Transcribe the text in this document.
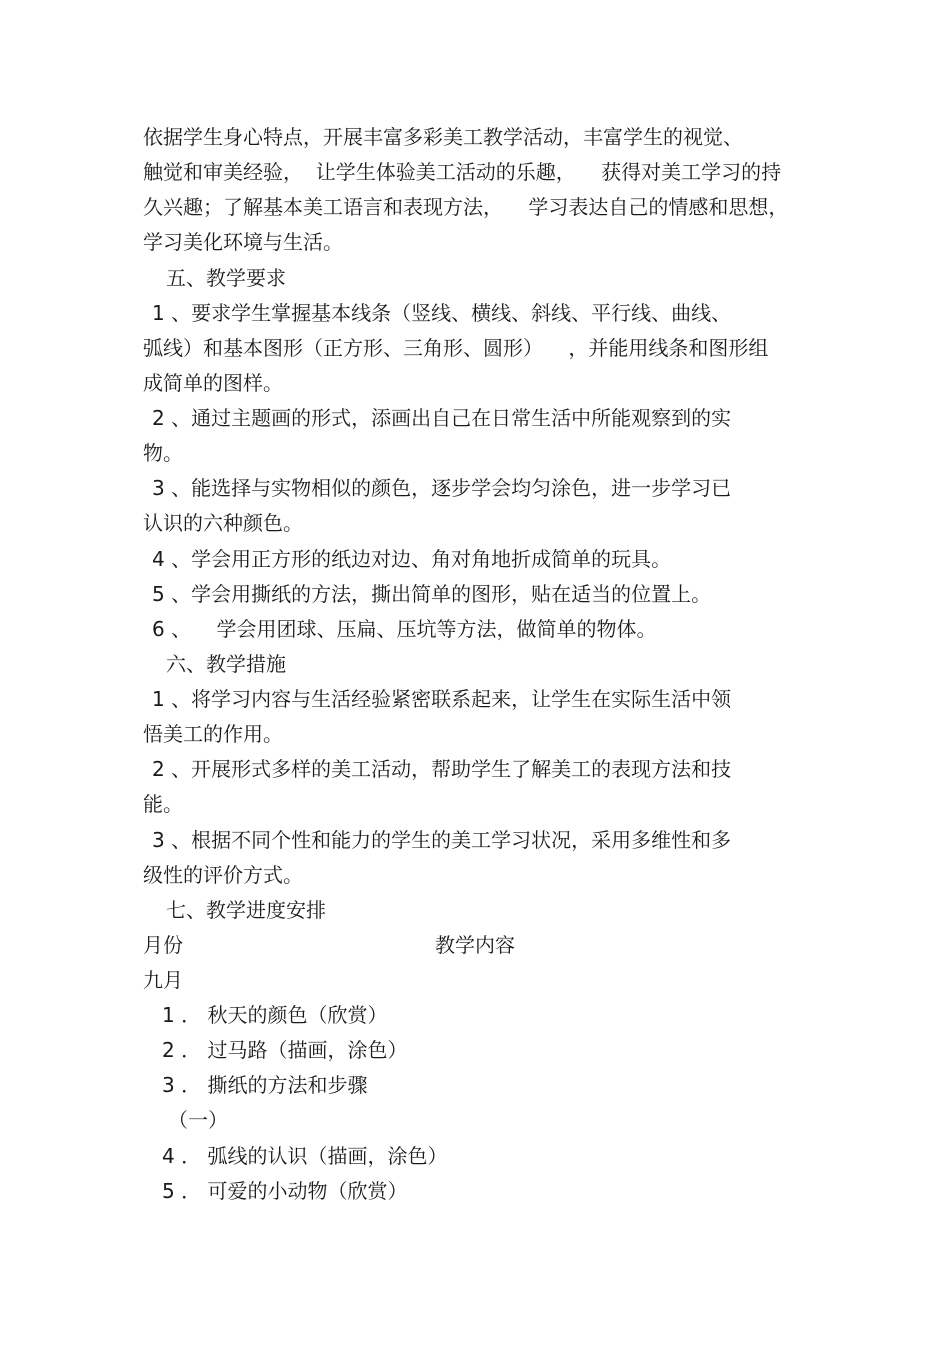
依据学生身心特点，开展丰富多彩美工教学活动，丰富学生的视觉、
触觉和审美经验，  让学生体验美工活动的乐趣，    获得对美工学习的持
久兴趣；了解基本美工语言和表现方法，    学习表达自己的情感和思想，
学习美化环境与生活。
五、教学要求
1 、要求学生掌握基本线条（竖线、横线、斜线、平行线、曲线、
弧线）和基本图形（正方形、三角形、圆形）    ，并能用线条和图形组
成简单的图样。
2 、通过主题画的形式，添画出自己在日常生活中所能观察到的实
物。
3 、能选择与实物相似的颜色，逐步学会均匀涂色，进一步学习已
认识的六种颜色。
4 、学会用正方形的纸边对边、角对角地折成简单的玩具。
5 、学会用撕纸的方法，撕出简单的图形，贴在适当的位置上。
6 、    学会用团球、压扁、压坑等方法，做简单的物体。
六、教学措施
1 、将学习内容与生活经验紧密联系起来，让学生在实际生活中领
悟美工的作用。
2 、开展形式多样的美工活动，帮助学生了解美工的表现方法和技
能。
3 、根据不同个性和能力的学生的美工学习状况，采用多维性和多
级性的评价方式。
七、教学进度安排
月份	教学内容
九月
1 ． 秋天的颜色（欣赏）
2 ． 过马路（描画，涂色）
3 ． 撕纸的方法和步骤
（一）
4 ． 弧线的认识（描画，涂色）
5 ． 可爱的小动物（欣赏）
